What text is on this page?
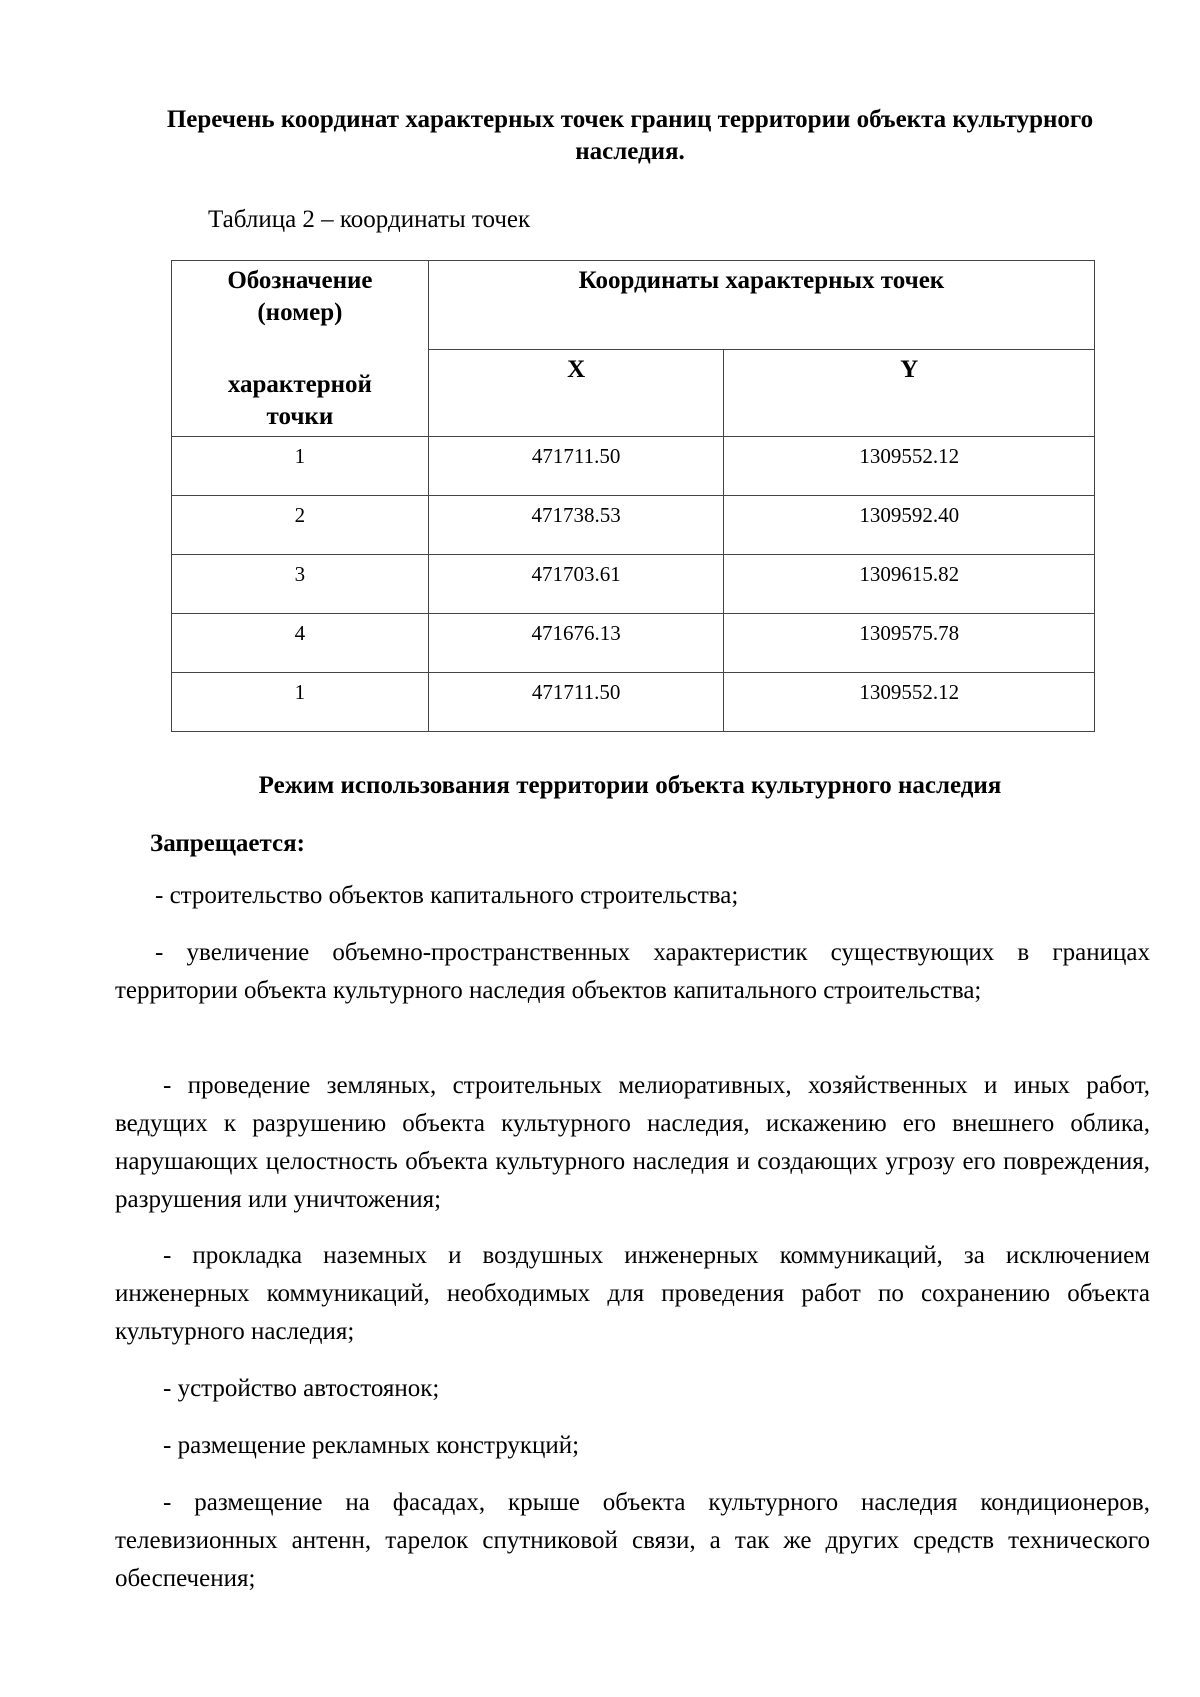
Перечень координат характерных точек границ территории объекта культурного наследия.
Таблица 2 – координаты точек
Обозначение
(номер)
характерной
точки	Координаты характерных точек	
	X	Y
1	471711.50	1309552.12
2	471738.53	1309592.40
3	471703.61	1309615.82
4	471676.13	1309575.78
1	471711.50	1309552.12
Режим использования территории объекта культурного наследия
Запрещается:

- строительство объектов капитального строительства;

- увеличение объемно-пространственных характеристик существующих в границах территории объекта культурного наследия объектов капитального строительства;

- проведение земляных, строительных мелиоративных, хозяйственных и иных работ, ведущих к разрушению объекта культурного наследия, искажению его внешнего облика, нарушающих целостность объекта культурного наследия и создающих угрозу его повреждения, разрушения или уничтожения;

- прокладка наземных и воздушных инженерных коммуникаций, за исключением инженерных коммуникаций, необходимых для проведения работ по сохранению объекта культурного наследия;

- устройство автостоянок;

- размещение рекламных конструкций;

- размещение на фасадах, крыше объекта культурного наследия кондиционеров, телевизионных антенн, тарелок спутниковой связи, а так же других средств технического обеспечения;
